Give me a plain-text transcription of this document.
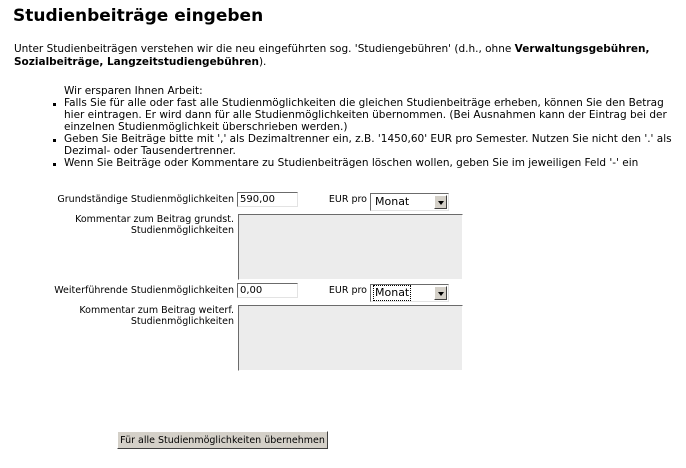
Studienbeiträge eingeben
Unter Studienbeiträgen verstehen wir die neu eingeführten sog. 'Studiengebühren' (d.h., ohne Verwaltungsgebühren, Sozialbeiträge, Langzeitstudiengebühren).
Wir ersparen Ihnen Arbeit:
Falls Sie für alle oder fast alle Studienmöglichkeiten die gleichen Studienbeiträge erheben, können Sie den Betrag hier eintragen. Er wird dann für alle Studienmöglichkeiten übernommen. (Bei Ausnahmen kann der Eintrag bei der einzelnen Studienmöglichkeit überschrieben werden.)
Geben Sie Beiträge bitte mit ',' als Dezimaltrenner ein, z.B. '1450,60' EUR pro Semester. Nutzen Sie nicht den '.' als Dezimal- oder Tausendertrenner.
Wenn Sie Beiträge oder Kommentare zu Studienbeiträgen löschen wollen, geben Sie im jeweiligen Feld '-' ein
Grundständige Studienmöglichkeiten 590,00	EUR pro Monat
Kommentar zum Beitrag grundst.
Studienmöglichkeiten
Weiterführende Studienmöglichkeiten 0,00	EUR pro Monat
Kommentar zum Beitrag weiterf.
Studienmöglichkeiten
Für alle Studienmöglichkeiten übernehmen
